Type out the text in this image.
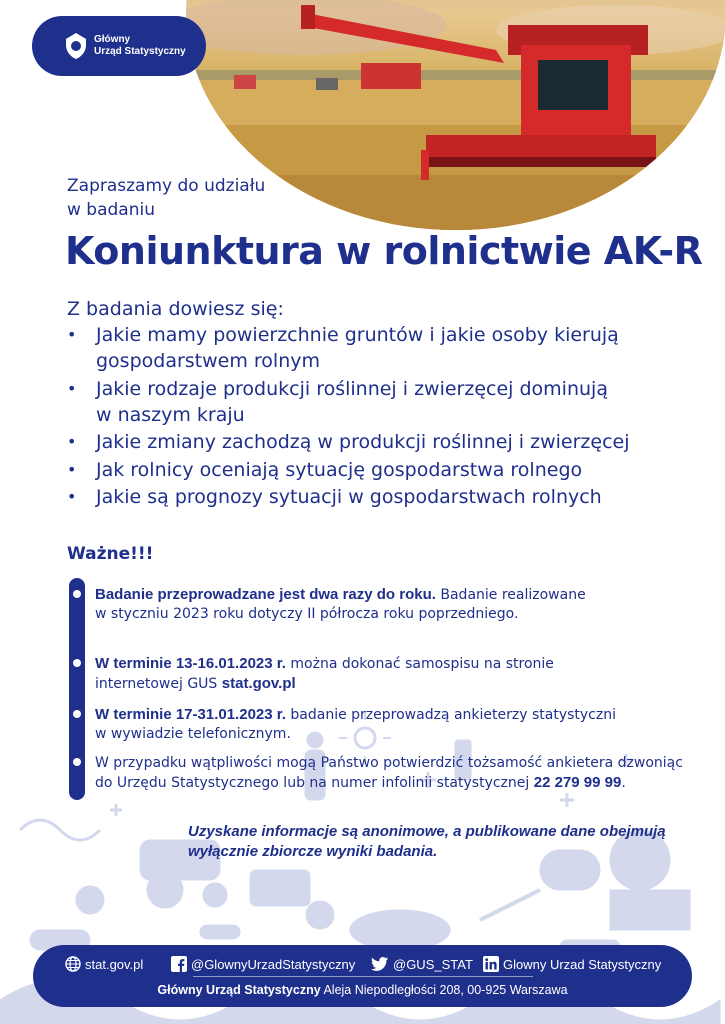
Główny
Urząd Statystyczny
Zapraszamy do udziału
w badaniu
Koniunktura w rolnictwie AK-R
Z badania dowiesz się:
• Jakie mamy powierzchnie gruntów i jakie osoby kierują
gospodarstwem rolnym
• Jakie rodzaje produkcji roślinnej i zwierzęcej dominują
w naszym kraju
• Jakie zmiany zachodzą w produkcji roślinnej i zwierzęcej
• Jak rolnicy oceniają sytuację gospodarstwa rolnego
• Jakie są prognozy sytuacji w gospodarstwach rolnych
Ważne!!!
Badanie przeprowadzane jest dwa razy do roku. Badanie realizowane
w styczniu 2023 roku dotyczy II półrocza roku poprzedniego.
W terminie 13-16.01.2023 r. można dokonać samospisu na stronie
internetowej GUS stat.gov.pl
W terminie 17-31.01.2023 r. badanie przeprowadzą ankieterzy statystyczni
w wywiadzie telefonicznym.
W przypadku wątpliwości mogą Państwo potwierdzić tożsamość ankietera dzwoniąc
do Urzędu Statystycznego lub na numer infolinii statystycznej 22 279 99 99.
Uzyskane informacje są anonimowe, a publikowane dane obejmują
wyłącznie zbiorcze wyniki badania.
stat.gov.pl	@GlownyUrzadStatystyczny	@GUS_STAT Glowny Urzad Statystyczny
Główny Urząd Statystyczny Aleja Niepodległości 208, 00-925 Warszawa
